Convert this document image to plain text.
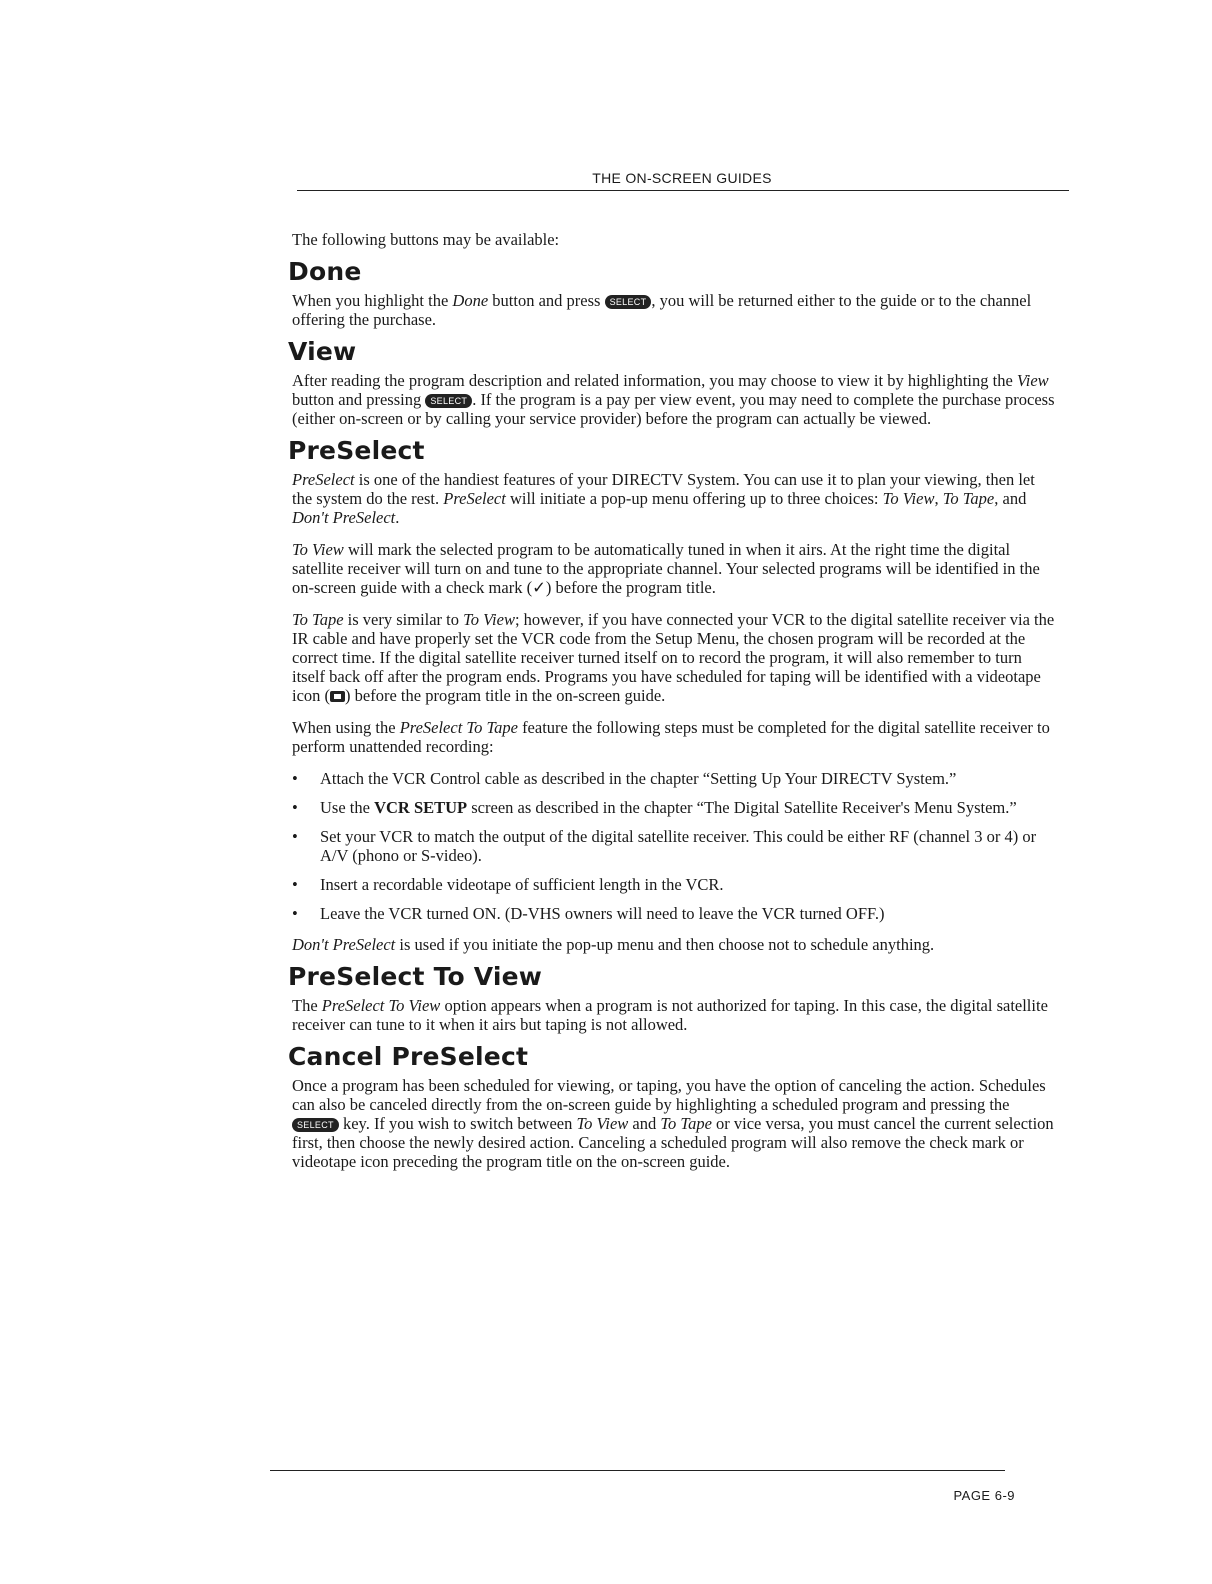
THE ON-SCREEN GUIDES

The following buttons may be available:

Done

When you highlight the Done button and press SELECT , you will be returned either to the guide or to the channel offering the purchase.

View

After reading the program description and related information, you may choose to view it by highlighting the View button and pressing SELECT . If the program is a pay per view event, you may need to complete the purchase process (either on-screen or by calling your service provider) before the program can actually be viewed.

PreSelect

PreSelect is one of the handiest features of your DIRECTV System. You can use it to plan your viewing, then let the system do the rest. PreSelect will initiate a pop-up menu offering up to three choices: To View, To Tape, and Don't PreSelect.

To View will mark the selected program to be automatically tuned in when it airs. At the right time the digital satellite receiver will turn on and tune to the appropriate channel. Your selected programs will be identified in the on-screen guide with a check mark (✓) before the program title.

To Tape is very similar to To View; however, if you have connected your VCR to the digital satellite receiver via the IR cable and have properly set the VCR code from the Setup Menu, the chosen program will be recorded at the correct time. If the digital satellite receiver turned itself on to record the program, it will also remember to turn itself back off after the program ends. Programs you have scheduled for taping will be identified with a videotape icon ( ) before the program title in the on-screen guide.

When using the PreSelect To Tape feature the following steps must be completed for the digital satellite receiver to perform unattended recording:

• Attach the VCR Control cable as described in the chapter “Setting Up Your DIRECTV System.”
• Use the VCR SETUP screen as described in the chapter “The Digital Satellite Receiver's Menu System.”
• Set your VCR to match the output of the digital satellite receiver. This could be either RF (channel 3 or 4) or A/V (phono or S-video).
• Insert a recordable videotape of sufficient length in the VCR.
• Leave the VCR turned ON. (D-VHS owners will need to leave the VCR turned OFF.)

Don't PreSelect is used if you initiate the pop-up menu and then choose not to schedule anything.

PreSelect To View

The PreSelect To View option appears when a program is not authorized for taping. In this case, the digital satellite receiver can tune to it when it airs but taping is not allowed.

Cancel PreSelect

Once a program has been scheduled for viewing, or taping, you have the option of canceling the action. Schedules can also be canceled directly from the on-screen guide by highlighting a scheduled program and pressing the SELECT key. If you wish to switch between To View and To Tape or vice versa, you must cancel the current selection first, then choose the newly desired action. Canceling a scheduled program will also remove the check mark or videotape icon preceding the program title on the on-screen guide.

PAGE 6-9
